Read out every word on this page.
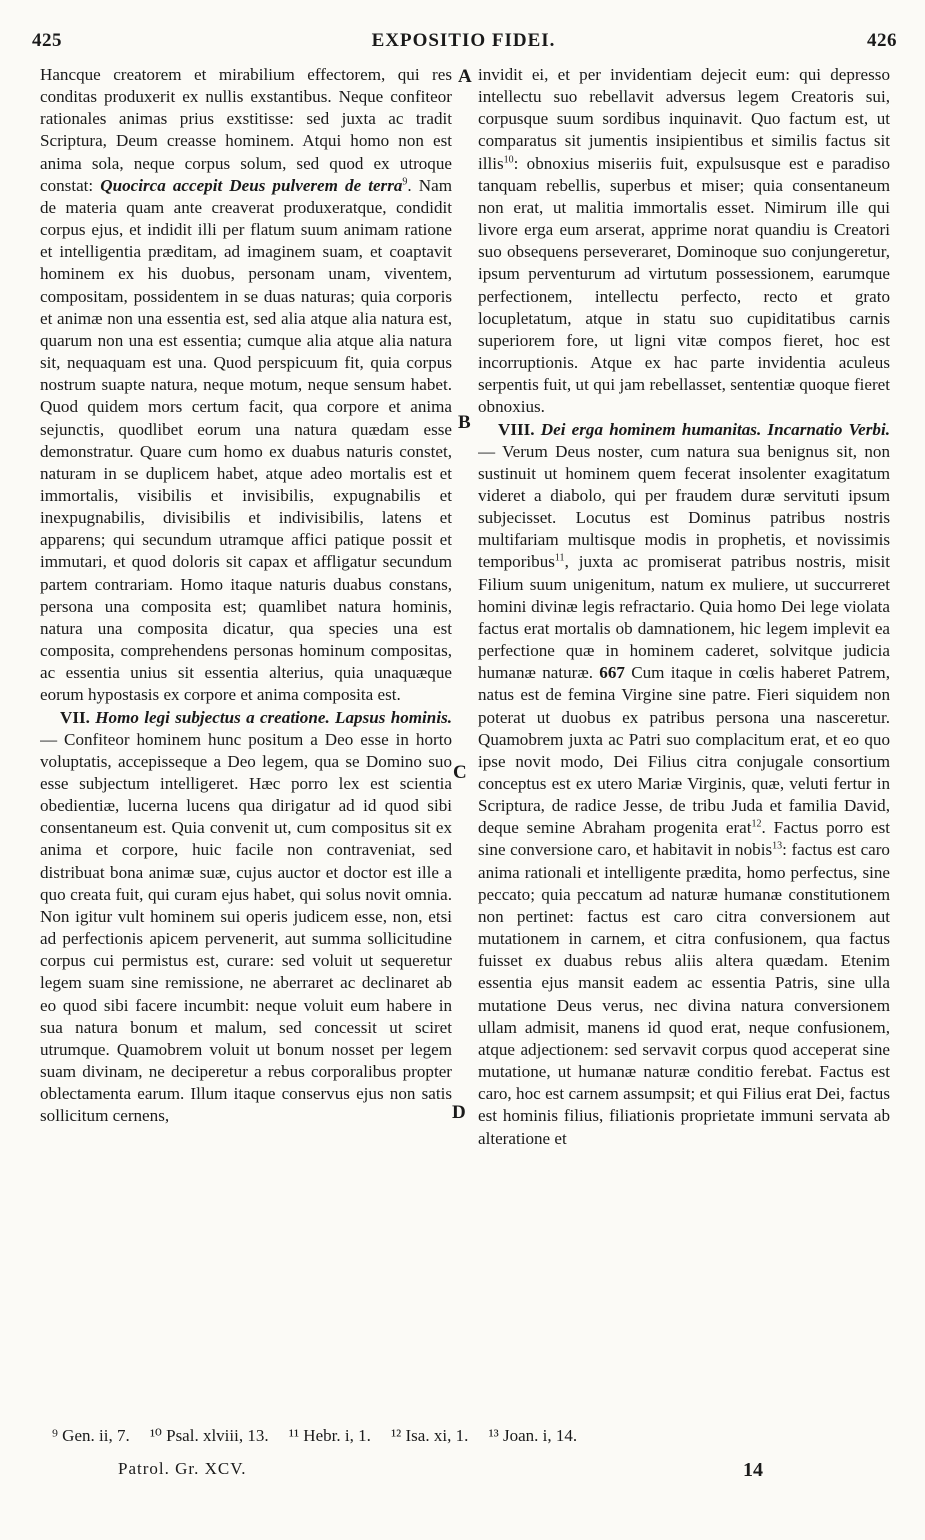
425	EXPOSITIO FIDEI.	426

Hancque creatorem et mirabilium effectorem, qui res conditas produxerit ex nullis exstantibus. Neque confiteor rationales animas prius exstitisse: sed juxta ac tradit Scriptura, Deum creasse hominem. Atqui homo non est anima sola, neque corpus solum, sed quod ex utroque constat: Quocirca accepit Deus pulverem de terra$^9$. Nam de materia quam ante creaverat produxeratque, condidit corpus ejus, et indidit illi per flatum suum animam ratione et intelligentia præditam, ad imaginem suam, et coaptavit hominem ex his duobus, personam unam, viventem, compositam, possidentem in se duas naturas; quia corporis et animæ non una essentia est, sed alia atque alia natura est, quarum non una est essentia; cumque alia atque alia natura sit, nequaquam est una. Quod perspicuum fit, quia corpus nostrum suapte natura, neque motum, neque sensum habet. Quod quidem mors certum facit, qua corpore et anima sejunctis, quodlibet eorum una natura quædam esse demonstratur. Quare cum homo ex duabus naturis constet, naturam in se duplicem habet, atque adeo mortalis est et immortalis, visibilis et invisibilis, expugnabilis et inexpugnabilis, divisibilis et indivisibilis, latens et apparens; qui secundum utramque affici patique possit et immutari, et quod doloris sit capax et affligatur secundum partem contrariam. Homo itaque naturis duabus constans, persona una composita est; quamlibet natura hominis, natura una composita dicatur, qua species una est composita, comprehendens personas hominum compositas, ac essentia unius sit essentia alterius, quia unaquæque eorum hypostasis ex corpore et anima composita est.

VII. Homo legi subjectus a creatione. Lapsus hominis. — Confiteor hominem hunc positum a Deo esse in horto voluptatis, accepisseque a Deo legem, qua se Domino suo esse subjectum intelligeret. Hæc porro lex est scientia obedientiæ, lucerna lucens qua dirigatur ad id quod sibi consentaneum est. Quia convenit ut, cum compositus sit ex anima et corpore, huic facile non contraveniat, sed distribuat bona animæ suæ, cujus auctor et doctor est ille a quo creata fuit, qui curam ejus habet, qui solus novit omnia. Non igitur vult hominem sui operis judicem esse, non, etsi ad perfectionis apicem pervenerit, aut summa sollicitudine corpus cui permistus est, curare: sed voluit ut sequeretur legem suam sine remissione, ne aberraret ac declinaret ab eo quod sibi facere incumbit: neque voluit eum habere in sua natura bonum et malum, sed concessit ut sciret utrumque. Quamobrem voluit ut bonum nosset per legem suam divinam, ne deciperetur a rebus corporalibus propter oblectamenta earum. Illum itaque conservus ejus non satis sollicitum cernens,

invidit ei, et per invidentiam dejecit eum: qui depresso intellectu suo rebellavit adversus legem Creatoris sui, corpusque suum sordibus inquinavit. Quo factum est, ut comparatus sit jumentis insipientibus et similis factus sit illis$^{10}$: obnoxius miseriis fuit, expulsusque est e paradiso tanquam rebellis, superbus et miser; quia consentaneum non erat, ut malitia immortalis esset. Nimirum ille qui livore erga eum arserat, apprime norat quandiu is Creatori suo obsequens perseveraret, Dominoque suo conjungeretur, ipsum perventurum ad virtutum possessionem, earumque perfectionem, intellectu perfecto, recto et grato locupletatum, atque in statu suo cupiditatibus carnis superiorem fore, ut ligni vitæ compos fieret, hoc est incorruptionis. Atque ex hac parte invidentia aculeus serpentis fuit, ut qui jam rebellasset, sententiæ quoque fieret obnoxius.

VIII. Dei erga hominem humanitas. Incarnatio Verbi. — Verum Deus noster, cum natura sua benignus sit, non sustinuit ut hominem quem fecerat insolenter exagitatum videret a diabolo, qui per fraudem duræ servituti ipsum subjecisset. Locutus est Dominus patribus nostris multifariam multisque modis in prophetis, et novissimis temporibus$^{11}$, juxta ac promiserat patribus nostris, misit Filium suum unigenitum, natum ex muliere, ut succurreret homini divinæ legis refractario. Quia homo Dei lege violata factus erat mortalis ob damnationem, hic legem implevit ea perfectione quæ in hominem caderet, solvitque judicia humanæ naturæ. 667 Cum itaque in cœlis haberet Patrem, natus est de femina Virgine sine patre. Fieri siquidem non poterat ut duobus ex patribus persona una nasceretur. Quamobrem juxta ac Patri suo complacitum erat, et eo quo ipse novit modo, Dei Filius citra conjugale consortium conceptus est ex utero Mariæ Virginis, quæ, veluti fertur in Scriptura, de radice Jesse, de tribu Juda et familia David, deque semine Abraham progenita erat$^{12}$. Factus porro est sine conversione caro, et habitavit in nobis$^{13}$: factus est caro anima rationali et intelligente prædita, homo perfectus, sine peccato; quia peccatum ad naturæ humanæ constitutionem non pertinet: factus est caro citra conversionem aut mutationem in carnem, et citra confusionem, qua factus fuisset ex duabus rebus aliis altera quædam. Etenim essentia ejus mansit eadem ac essentia Patris, sine ulla mutatione Deus verus, nec divina natura conversionem ullam admisit, manens id quod erat, neque confusionem, atque adjectionem: sed servavit corpus quod acceperat sine mutatione, ut humanæ naturæ conditio ferebat. Factus est caro, hoc est carnem assumpsit; et qui Filius erat Dei, factus est hominis filius, filiationis proprietate immuni servata ab alteratione et

A
B
C
D
⁹ Gen. ii, 7. ¹⁰ Psal. xlviii, 13. ¹¹ Hebr. i, 1. ¹² Isa. xi, 1. ¹³ Joan. i, 14.
Patrol. Gr. XCV.	14
